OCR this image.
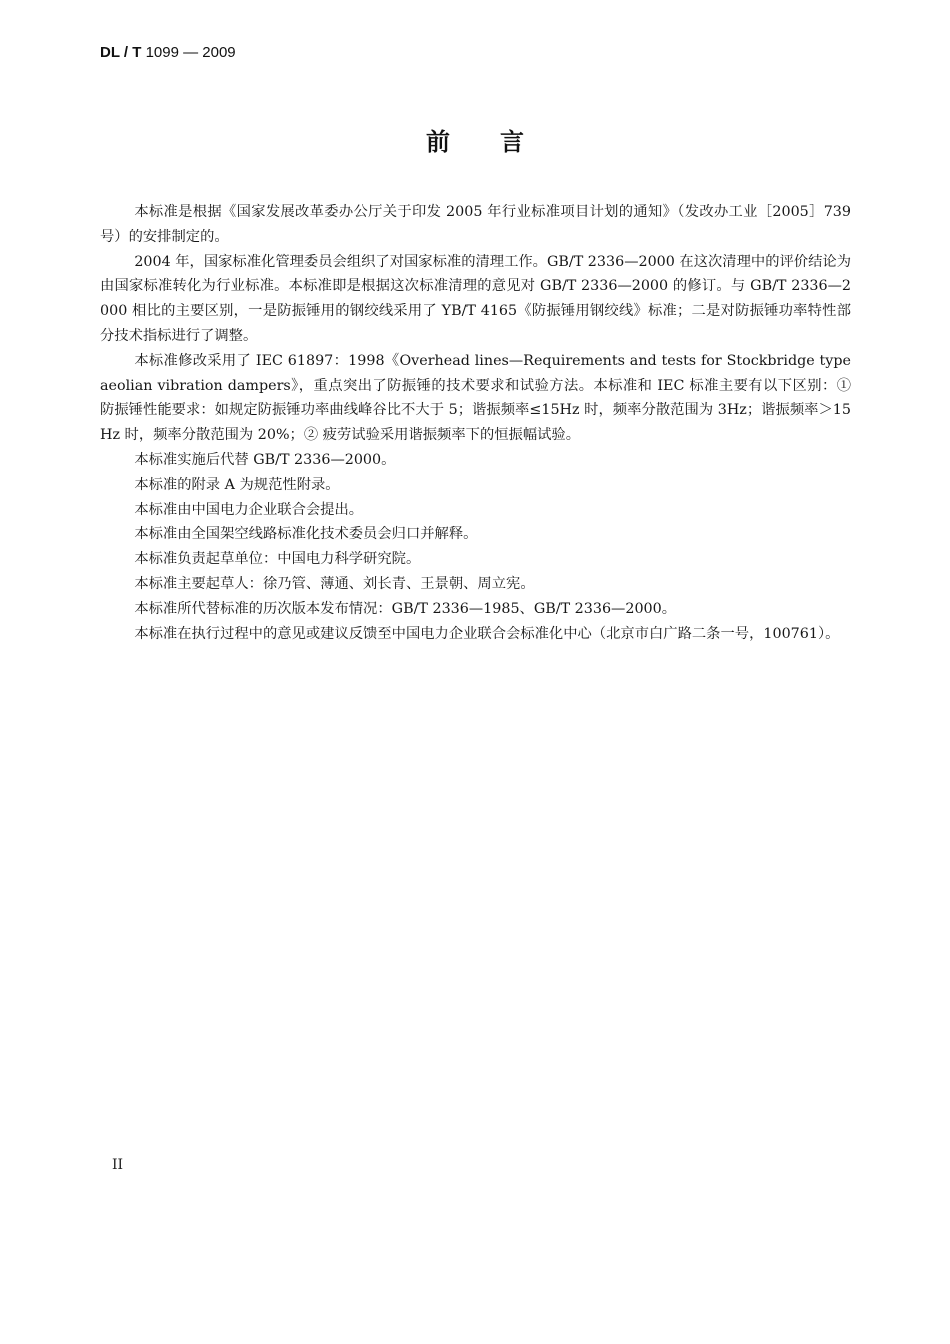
DL / T 1099 — 2009
前 言

本标准是根据《国家发展改革委办公厅关于印发 2005 年行业标准项目计划的通知》（发改办工业［2005］739 号）的安排制定的。

2004 年，国家标准化管理委员会组织了对国家标准的清理工作。GB/T 2336—2000 在这次清理中的评价结论为由国家标准转化为行业标准。本标准即是根据这次标准清理的意见对 GB/T 2336—2000 的修订。与 GB/T 2336—2000 相比的主要区别，一是防振锤用的钢绞线采用了 YB/T 4165《防振锤用钢绞线》标准；二是对防振锤功率特性部分技术指标进行了调整。

本标准修改采用了 IEC 61897：1998《Overhead lines—Requirements and tests for Stockbridge type aeolian vibration dampers》，重点突出了防振锤的技术要求和试验方法。本标准和 IEC 标准主要有以下区别：① 防振锤性能要求：如规定防振锤功率曲线峰谷比不大于 5；谐振频率≤15Hz 时，频率分散范围为 3Hz；谐振频率＞15Hz 时，频率分散范围为 20%；② 疲劳试验采用谐振频率下的恒振幅试验。

本标准实施后代替 GB/T 2336—2000。

本标准的附录 A 为规范性附录。

本标准由中国电力企业联合会提出。

本标准由全国架空线路标准化技术委员会归口并解释。

本标准负责起草单位：中国电力科学研究院。

本标准主要起草人：徐乃管、薄通、刘长青、王景朝、周立宪。

本标准所代替标准的历次版本发布情况：GB/T 2336—1985、GB/T 2336—2000。

本标准在执行过程中的意见或建议反馈至中国电力企业联合会标准化中心（北京市白广路二条一号，100761）。

II
